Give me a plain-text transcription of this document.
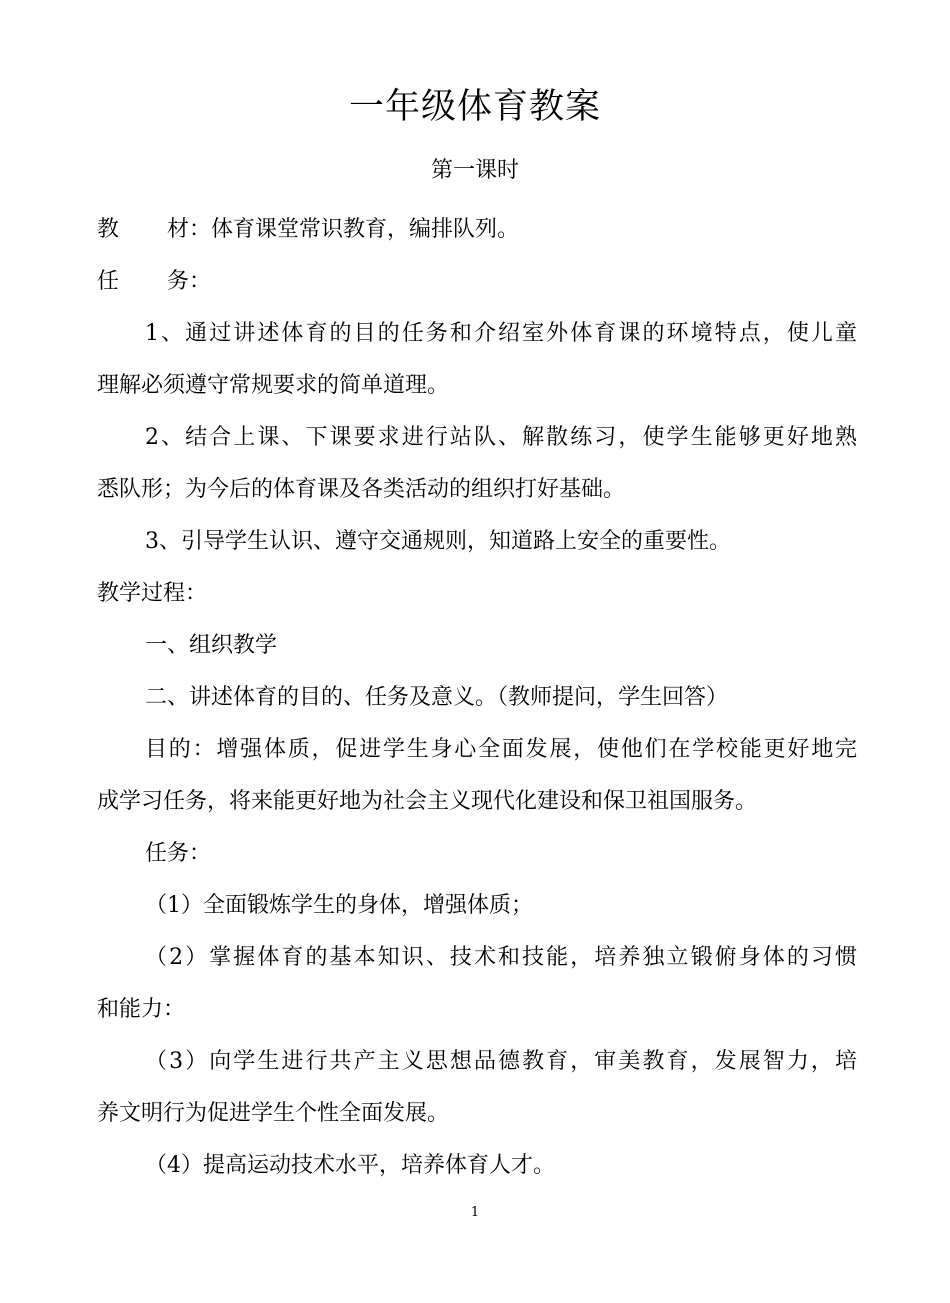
一年级体育教案
第一课时

教 材：体育课堂常识教育，编排队列。

任 务：

1、通过讲述体育的目的任务和介绍室外体育课的环境特点，使儿童

理解必须遵守常规要求的简单道理。

2、结合上课、下课要求进行站队、解散练习，使学生能够更好地熟

悉队形；为今后的体育课及各类活动的组织打好基础。

3、引导学生认识、遵守交通规则，知道路上安全的重要性。

教学过程：

一、组织教学

二、讲述体育的目的、任务及意义。（教师提问，学生回答）

目的：增强体质，促进学生身心全面发展，使他们在学校能更好地完

成学习任务，将来能更好地为社会主义现代化建设和保卫祖国服务。

任务：

（1）全面锻炼学生的身体，增强体质；

（2）掌握体育的基本知识、技术和技能，培养独立锻俯身体的习惯

和能力：

（3）向学生进行共产主义思想品德教育，审美教育，发展智力，培

养文明行为促进学生个性全面发展。

（4）提高运动技术水平，培养体育人才。

1
